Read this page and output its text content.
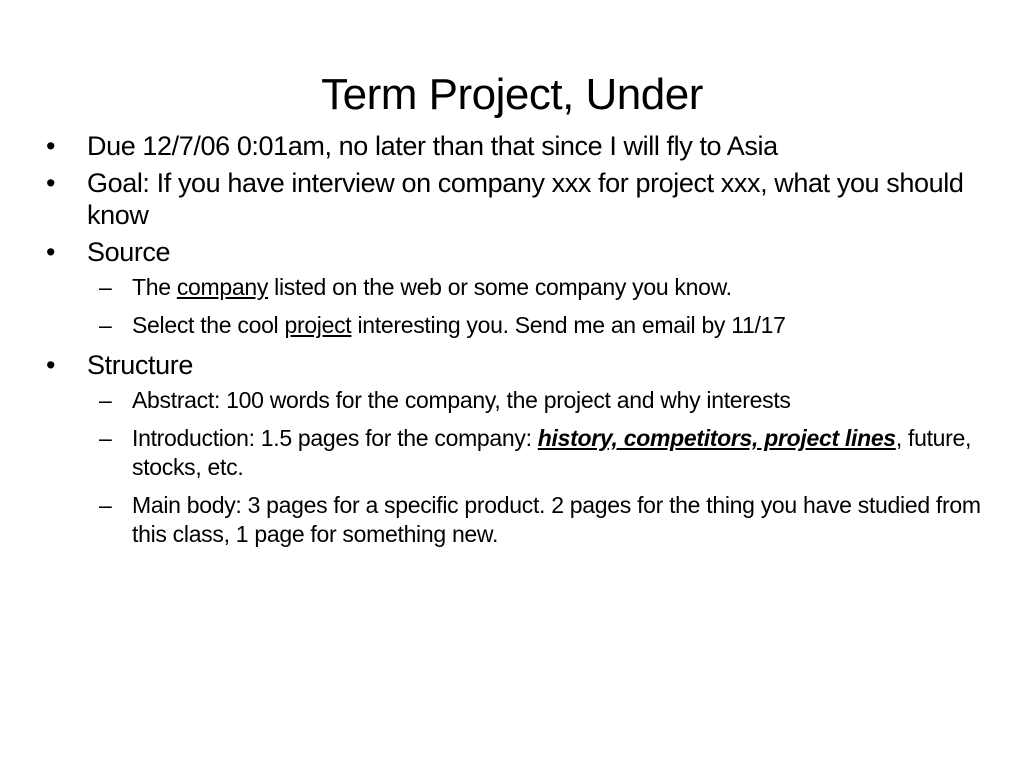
Term Project, Under
•	Due 12/7/06 0:01am, no later than that since I will fly to Asia
•	Goal: If you have interview on company xxx for project xxx, what you should know
•	Source
– The company listed on the web or some company you know.
– Select the cool project interesting you. Send me an email by 11/17
•	Structure
– Abstract: 100 words for the company, the project and why interests
– Introduction: 1.5 pages for the company: history, competitors, project lines, future, stocks, etc.
– Main body: 3 pages for a specific product. 2 pages for the thing you have studied from this class, 1 page for something new.
